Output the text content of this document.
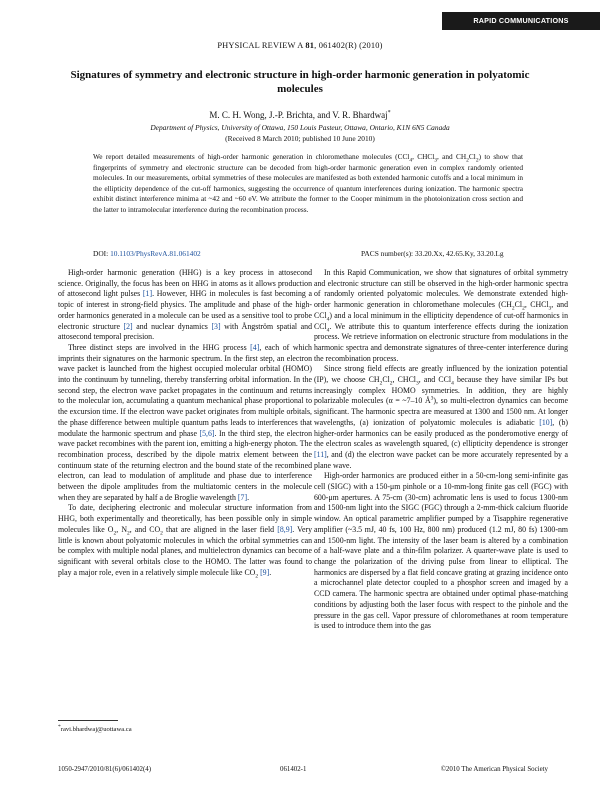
RAPID COMMUNICATIONS
PHYSICAL REVIEW A 81, 061402(R) (2010)
Signatures of symmetry and electronic structure in high-order harmonic generation in polyatomic molecules
M. C. H. Wong, J.-P. Brichta, and V. R. Bhardwaj*
Department of Physics, University of Ottawa, 150 Louis Pasteur, Ottawa, Ontario, K1N 6N5 Canada
(Received 8 March 2010; published 10 June 2010)
We report detailed measurements of high-order harmonic generation in chloromethane molecules (CCl$_4$, CHCl$_3$, and $CH_2Cl_2$) to show that fingerprints of symmetry and electronic structure can be decoded from high-order harmonic generation even in complex randomly oriented molecules. In our measurements, orbital symmetries of these molecules are manifested as both extended harmonic cutoffs and a local minimum in the ellipticity dependence of the cut-off harmonics, suggesting the occurrence of quantum interferences during ionization. The harmonic spectra exhibit distinct interference minima at ~42 and ~60 eV. We attribute the former to the Cooper minimum in the photoionization cross section and the latter to intramolecular interference during the recombination process.
DOI: 10.1103/PhysRevA.81.061402	PACS number(s): 33.20.Xx, 42.65.Ky, 33.20.Lg

High-order harmonic generation (HHG) is a key process in attosecond science. Originally, the focus has been on HHG in atoms as it allows production of attosecond light pulses [1]. However, HHG in molecules is fast becoming a topic of interest in strong-field physics. The amplitude and phase of the high-order harmonics generated in a molecule can be used as a sensitive tool to probe electronic structure [2] and nuclear dynamics [3] with Ångström spatial and attosecond temporal precision.

Three distinct steps are involved in the HHG process [4], each of which imprints their signatures on the harmonic spectrum. In the first step, an electron wave packet is launched from the highest occupied molecular orbital (HOMO) into the continuum by tunneling, thereby transferring orbital information. In the second step, the electron wave packet propagates in the continuum and returns to the molecular ion, accumulating a quantum mechanical phase proportional to the excursion time. If the electron wave packet originates from multiple orbitals, the phase difference between multiple quantum paths leads to interferences that modulate the harmonic spectrum and phase [5,6]. In the third step, the electron wave packet recombines with the parent ion, emitting a high-energy photon. The recombination process, described by the dipole matrix element between the continuum state of the returning electron and the bound state of the recombined electron, can lead to modulation of amplitude and phase due to interference between the dipole amplitudes from the multiatomic centers in the molecule when they are separated by half a de Broglie wavelength [7].

To date, deciphering electronic and molecular structure information from HHG, both experimentally and theoretically, has been possible only in simple molecules like $O_2$, $N_2$, and $CO_2$ that are aligned in the laser field [8,9]. Very little is known about polyatomic molecules in which the orbital symmetries can be complex with multiple nodal planes, and multielectron dynamics can become significant with several orbitals close to the HOMO. The latter was found to play a major role, even in a relatively simple molecule like $CO_2$ [9].

In this Rapid Communication, we show that signatures of orbital symmetry and electronic structure can still be observed in the high-order harmonic spectra of randomly oriented polyatomic molecules. We demonstrate extended high-order harmonic generation in chloromethane molecules ($CH_2Cl_2$, CHCl$_3$, and CCl$_4$) and a local minimum in the ellipticity dependence of cut-off harmonics in CCl$_4$. We attribute this to quantum interference effects during the ionization process. We retrieve information on electronic structure from modulations in the harmonic spectra and demonstrate signatures of three-center interference during the recombination process.

Since strong field effects are greatly influenced by the ionization potential (IP), we choose $CH_2Cl_2$, CHCl$_3$, and CCl$_4$ because they have similar IPs but increasingly complex HOMO symmetries. In addition, they are highly polarizable molecules (α = ~7–10 $Å^3$), so multi-electron dynamics can become significant. The harmonic spectra are measured at 1300 and 1500 nm. At longer wavelengths, (a) ionization of polyatomic molecules is adiabatic [10], (b) higher-order harmonics can be easily produced as the ponderomotive energy of the electron scales as wavelength squared, (c) ellipticity dependence is stronger [11], and (d) the electron wave packet can be more accurately represented by a plane wave.

High-order harmonics are produced either in a 50-cm-long semi-infinite gas cell (SIGC) with a 150-μm pinhole or a 10-mm-long finite gas cell (FGC) with 600-μm apertures. A 75-cm (30-cm) achromatic lens is used to focus 1300-nm and 1500-nm light into the SIGC (FGC) through a 2-mm-thick calcium fluoride window. An optical parametric amplifier pumped by a Tisapphire regenerative amplifier (~3.5 mJ, 40 fs, 100 Hz, 800 nm) produced (1.2 mJ, 80 fs) 1300-nm and 1500-nm light. The intensity of the laser beam is altered by a combination of a half-wave plate and a thin-film polarizer. A quarter-wave plate is used to change the polarization of the driving pulse from linear to elliptical. The harmonics are dispersed by a flat field concave grating at grazing incidence onto a microchannel plate detector coupled to a phosphor screen and imaged by a CCD camera. The harmonic spectra are obtained under optimal phase-matching conditions by adjusting both the laser focus with respect to the pinhole and the pressure in the gas cell. Vapor pressure of chloromethanes at room temperature is used to introduce them into the gas

*ravi.bhardwaj@uottawa.ca
1050-2947/2010/81(6)/061402(4)	061402-1	©2010 The American Physical Society
